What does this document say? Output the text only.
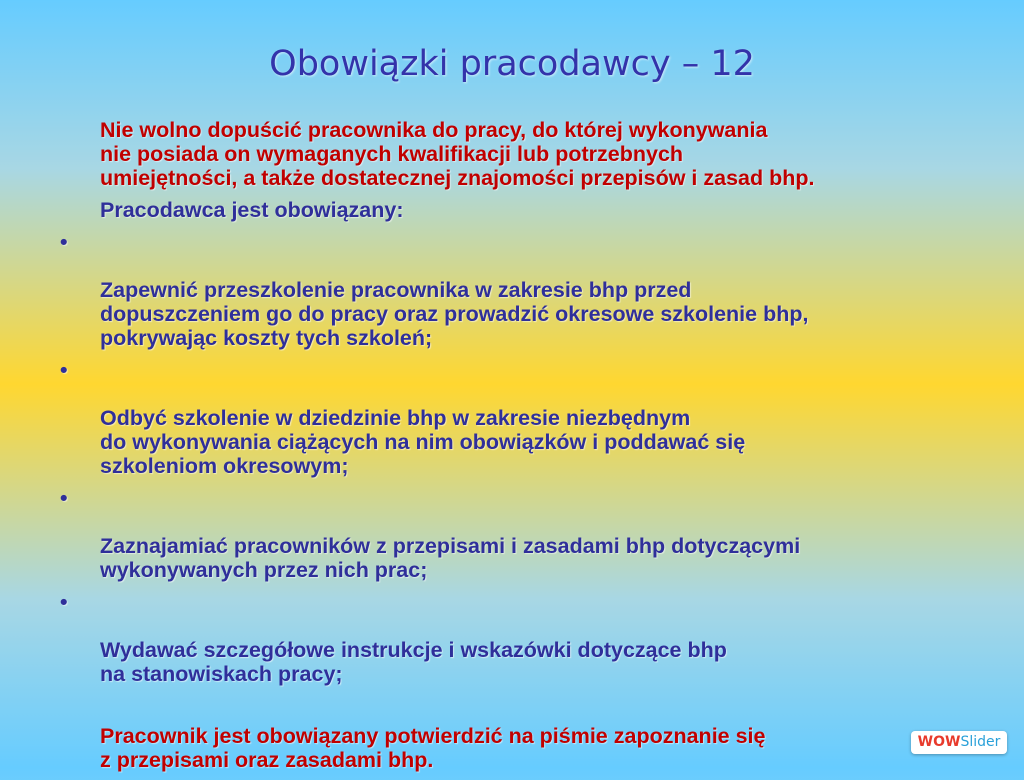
Obowiązki pracodawcy – 12

Nie wolno dopuścić pracownika do pracy, do której wykonywania
nie posiada on wymaganych kwalifikacji lub potrzebnych
umiejętności, a także dostatecznej znajomości przepisów i zasad bhp.

Pracodawca jest obowiązany:

•

Zapewnić przeszkolenie pracownika w zakresie bhp przed
dopuszczeniem go do pracy oraz prowadzić okresowe szkolenie bhp,
pokrywając koszty tych szkoleń;

•

Odbyć szkolenie w dziedzinie bhp w zakresie niezbędnym
do wykonywania ciążących na nim obowiązków i poddawać się
szkoleniom okresowym;

•

Zaznajamiać pracowników z przepisami i zasadami bhp dotyczącymi
wykonywanych przez nich prac;

•

Wydawać szczegółowe instrukcje i wskazówki dotyczące bhp
na stanowiskach pracy;

Pracownik jest obowiązany potwierdzić na piśmie zapoznanie się
z przepisami oraz zasadami bhp.

WOWSlider
